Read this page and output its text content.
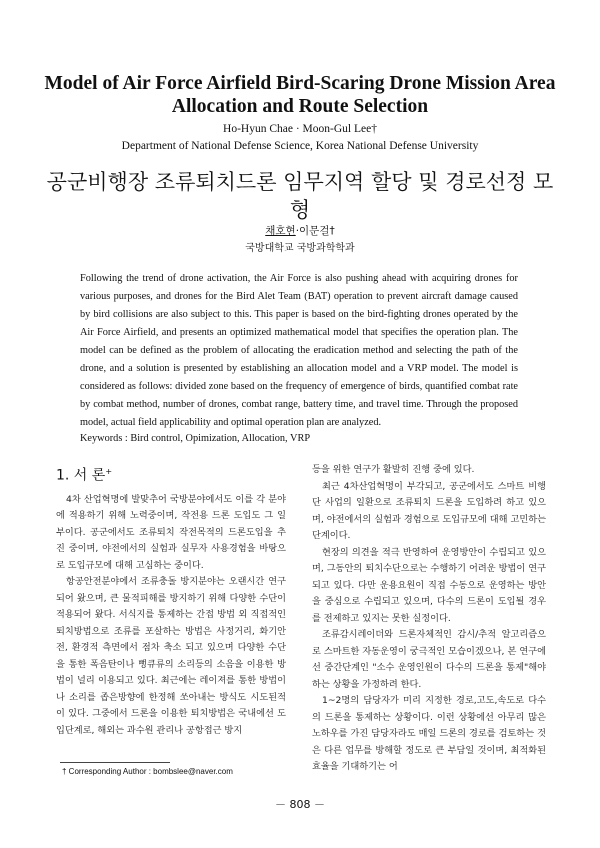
Model of Air Force Airfield Bird-Scaring Drone Mission Area Allocation and Route Selection
Ho-Hyun Chae · Moon-Gul Lee†
Department of National Defense Science, Korea National Defense University
공군비행장 조류퇴치드론 임무지역 할당 및 경로선정 모형
채호현·이문걸†
국방대학교 국방과학학과

Following the trend of drone activation, the Air Force is also pushing ahead with acquiring drones for various purposes, and drones for the Bird Alet Team (BAT) operation to prevent aircraft damage caused by bird collisions are also subject to this. This paper is based on the bird-fighting drones operated by the Air Force Airfield, and presents an optimized mathematical model that specifies the operation plan. The model can be defined as the problem of allocating the eradication method and selecting the path of the drone, and a solution is presented by establishing an allocation model and a VRP model. The model is considered as follows: divided zone based on the frequency of emergence of birds, quantified combat rate by combat method, number of drones, combat range, battery time, and travel time. Through the proposed model, actual field applicability and optimal operation plan are analyzed.

Keywords : Bird control, Opimization, Allocation, VRP

1. 서 론+

4차 산업혁명에 발맞추어 국방분야에서도 이를 각 분야에 적용하기 위해 노력중이며, 작전용 드론 도입도 그 일부이다. 공군에서도 조류퇴치 작전목적의 드론도입을 추진 중이며, 야전에서의 실험과 실무자 사용경험을 바탕으로 도입규모에 대해 고심하는 중이다.

항공안전분야에서 조류충돌 방지분야는 오랜시간 연구되어 왔으며, 큰 물적피해를 방지하기 위해 다양한 수단이 적용되어 왔다. 서식지를 통제하는 간접 방법 외 직접적인 퇴치방법으로 조류를 포살하는 방법은 사정거리, 화기안전, 환경적 측면에서 점차 축소 되고 있으며 다양한 수단을 통한 폭음탄이나 뻥큐류의 소리등의 소음을 이용한 방법이 널리 이용되고 있다. 최근에는 레이져를 통한 방법이나 소리를 좁은방향에 한정해 쏘아내는 방식도 시도된적이 있다. 그중에서 드론을 이용한 퇴치방법은 국내에선 도입단계로, 해외는 과수원 관리나 공항접근 방지

등을 위한 연구가 활발히 진행 중에 있다.

최근 4차산업혁명이 부각되고, 공군에서도 스마트 비행단 사업의 일환으로 조류퇴치 드론을 도입하려 하고 있으며, 야전에서의 실험과 경험으로 도입규모에 대해 고민하는 단계이다.

현장의 의견을 적극 반영하여 운영방안이 수립되고 있으며, 그동안의 퇴치수단으로는 수행하기 어려운 방법이 연구되고 있다. 다만 운용요원이 직접 수동으로 운영하는 방안을 중심으로 수립되고 있으며, 다수의 드론이 도입될 경우를 전제하고 있지는 못한 실정이다.

조류감시레이더와 드론자체적인 감시/추적 알고리즘으로 스마트한 자동운영이 궁극적인 모습이겠으나, 본 연구에선 중간단계인 "소수 운영인원이 다수의 드론을 통제"해야 하는 상황을 가정하려 한다.

1~2명의 담당자가 미리 지정한 경로,고도,속도로 다수의 드론을 통제하는 상황이다. 이런 상황에선 아무리 많은 노하우를 가진 담당자라도 매일 드론의 경로를 검토하는 것은 다른 업무를 방해할 정도로 큰 부담일 것이며, 최적화된 효율을 기대하기는 어

† Corresponding Author : bombslee@naver.com

－ 808 －
